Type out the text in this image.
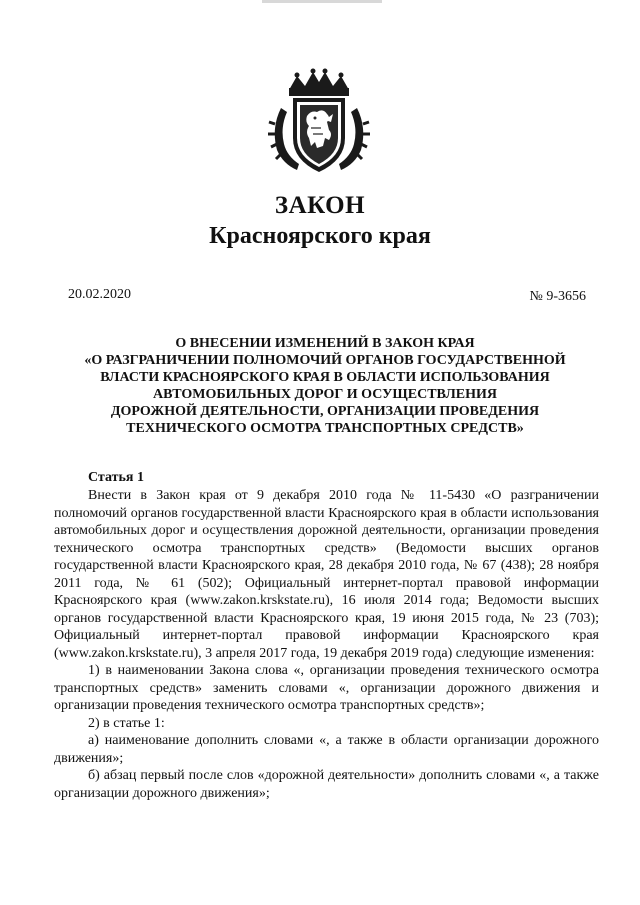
ЗАКОН
Красноярского края
20.02.2020	№ 9-3656
О ВНЕСЕНИИ ИЗМЕНЕНИЙ В ЗАКОН КРАЯ
«О РАЗГРАНИЧЕНИИ ПОЛНОМОЧИЙ ОРГАНОВ ГОСУДАРСТВЕННОЙ
ВЛАСТИ КРАСНОЯРСКОГО КРАЯ В ОБЛАСТИ ИСПОЛЬЗОВАНИЯ
АВТОМОБИЛЬНЫХ ДОРОГ И ОСУЩЕСТВЛЕНИЯ
ДОРОЖНОЙ ДЕЯТЕЛЬНОСТИ, ОРГАНИЗАЦИИ ПРОВЕДЕНИЯ
ТЕХНИЧЕСКОГО ОСМОТРА ТРАНСПОРТНЫХ СРЕДСТВ»
Статья 1

Внести в Закон края от 9 декабря 2010 года № 11-5430 «О разграничении полномочий органов государственной власти Красноярского края в области использования автомобильных дорог и осуществления дорожной деятельности, организации проведения технического осмотра транспортных средств» (Ведомости высших органов государственной власти Красноярского края, 28 декабря 2010 года, № 67 (438); 28 ноября 2011 года, № 61 (502); Официальный интернет-портал правовой информации Красноярского края (www.zakon.krskstate.ru), 16 июля 2014 года; Ведомости высших органов государственной власти Красноярского края, 19 июня 2015 года, № 23 (703); Официальный интернет-портал правовой информации Красноярского края (www.zakon.krskstate.ru), 3 апреля 2017 года, 19 декабря 2019 года) следующие изменения:

1) в наименовании Закона слова «, организации проведения технического осмотра транспортных средств» заменить словами «, организации дорожного движения и организации проведения технического осмотра транспортных средств»;

2) в статье 1:

а) наименование дополнить словами «, а также в области организации дорожного движения»;

б) абзац первый после слов «дорожной деятельности» дополнить словами «, а также организации дорожного движения»;
